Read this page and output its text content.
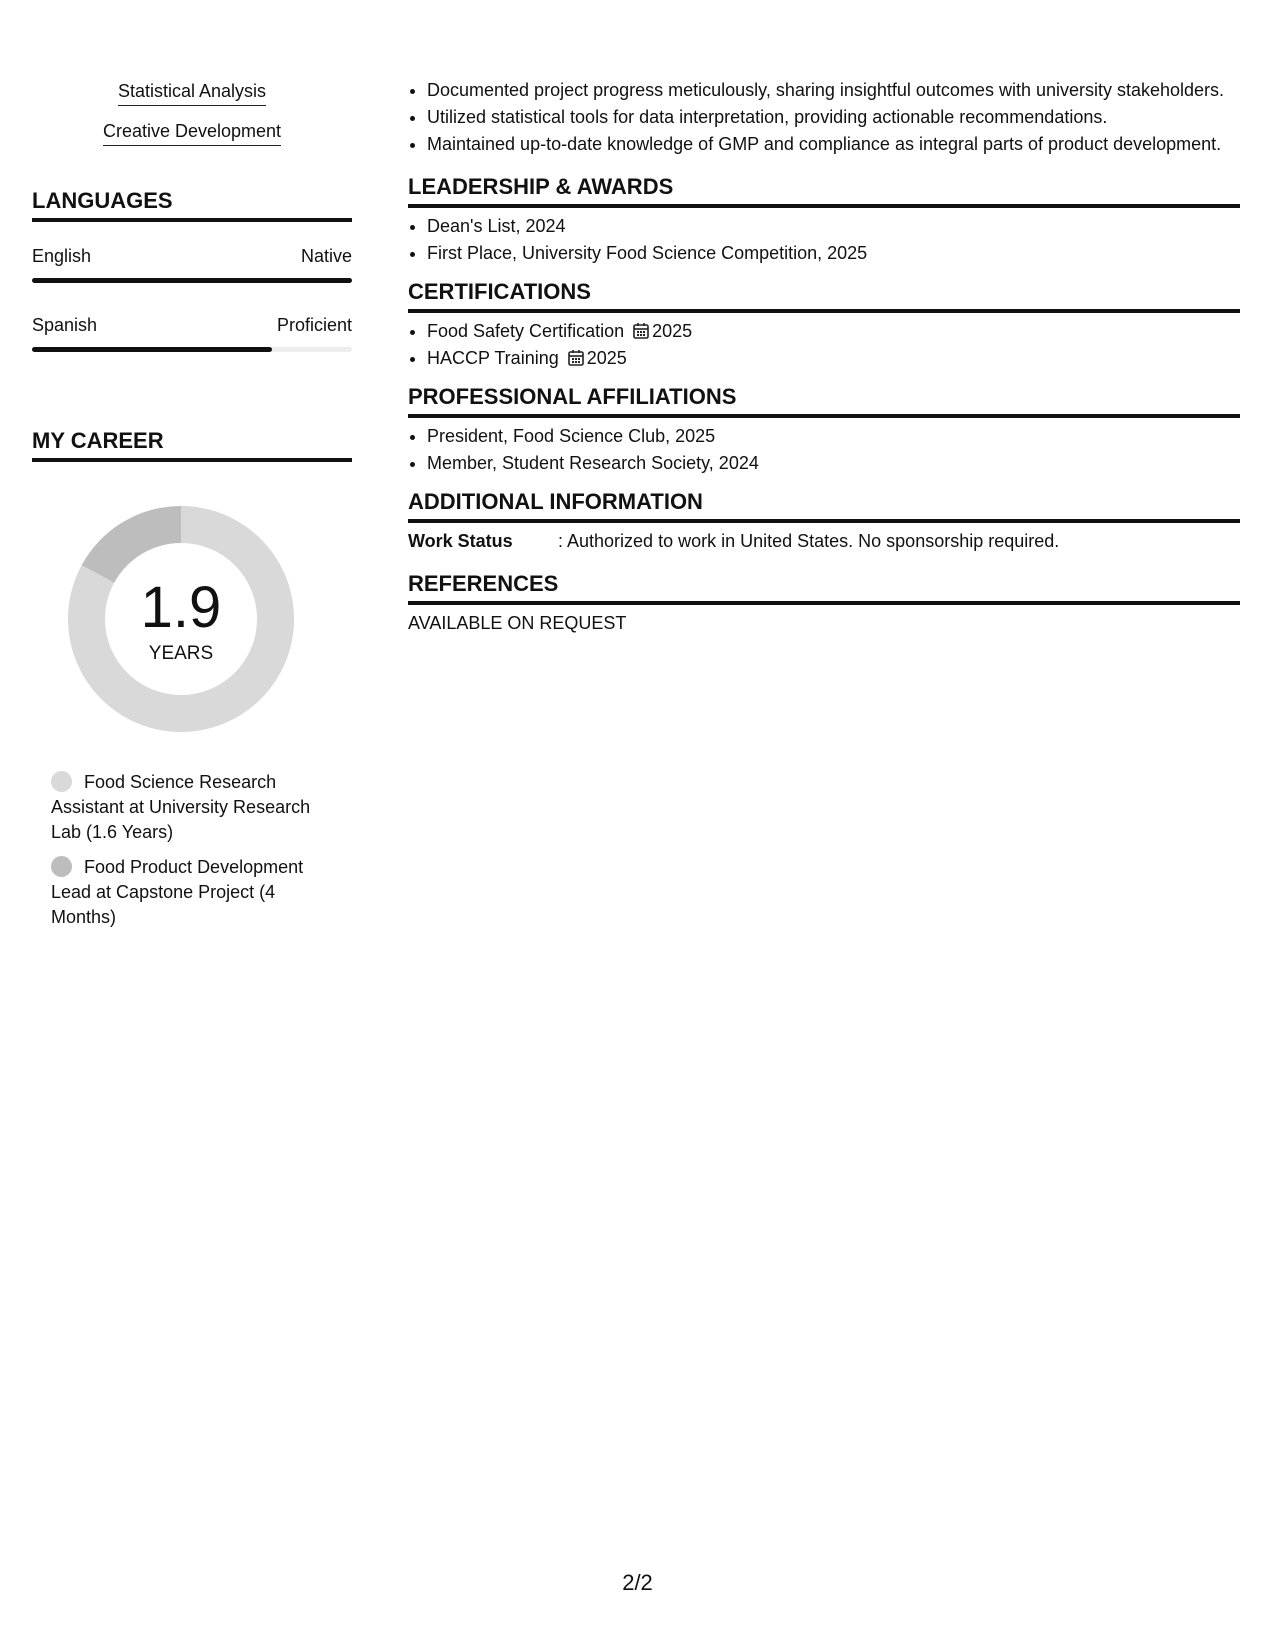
Statistical Analysis
Creative Development
LANGUAGES
English	Native
Spanish	Proficient
MY CAREER
1.9
YEARS
Food Science Research Assistant at University Research Lab (1.6 Years)
Food Product Development Lead at Capstone Project (4 Months)
• Documented project progress meticulously, sharing insightful outcomes with university stakeholders.
• Utilized statistical tools for data interpretation, providing actionable recommendations.
• Maintained up-to-date knowledge of GMP and compliance as integral parts of product development.
LEADERSHIP & AWARDS
• Dean's List, 2024
• First Place, University Food Science Competition, 2025
CERTIFICATIONS
• Food Safety Certification 2025
• HACCP Training 2025
PROFESSIONAL AFFILIATIONS
• President, Food Science Club, 2025
• Member, Student Research Society, 2024
ADDITIONAL INFORMATION
Work Status	: Authorized to work in United States. No sponsorship required.
REFERENCES
AVAILABLE ON REQUEST
2/2
